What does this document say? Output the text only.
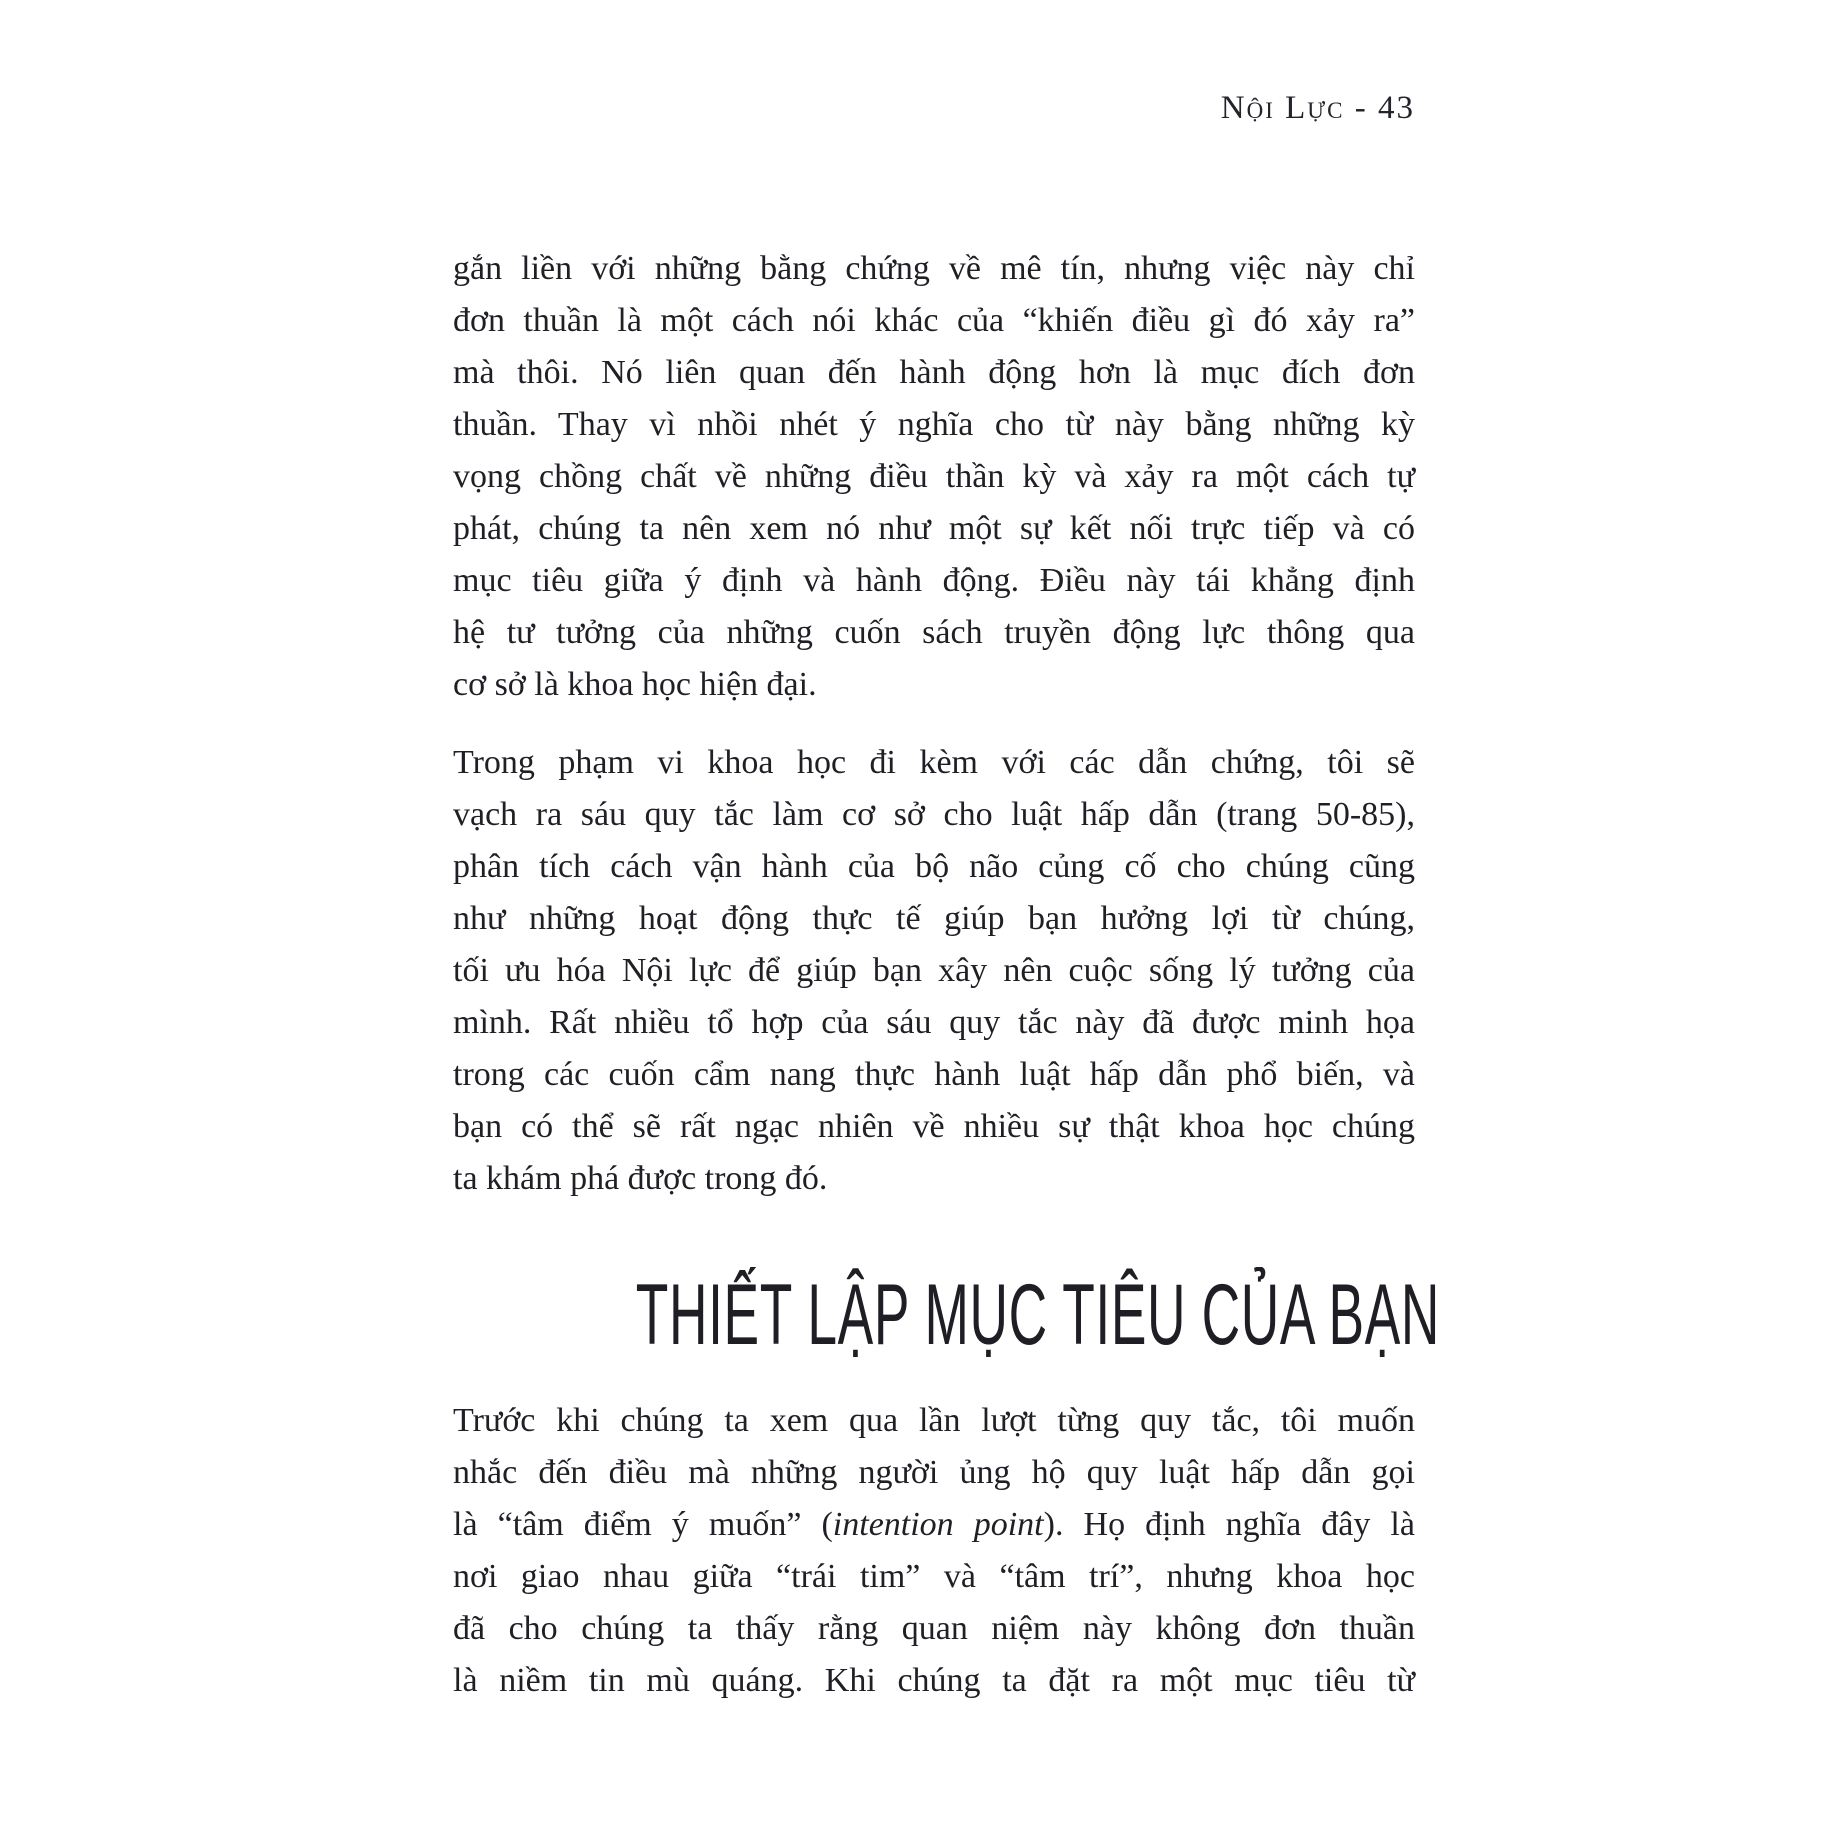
Nội Lực - 43
gắn liền với những bằng chứng về mê tín, nhưng việc này chỉ
đơn thuần là một cách nói khác của “khiến điều gì đó xảy ra”
mà thôi. Nó liên quan đến hành động hơn là mục đích đơn
thuần. Thay vì nhồi nhét ý nghĩa cho từ này bằng những kỳ
vọng chồng chất về những điều thần kỳ và xảy ra một cách tự
phát, chúng ta nên xem nó như một sự kết nối trực tiếp và có
mục tiêu giữa ý định và hành động. Điều này tái khẳng định
hệ tư tưởng của những cuốn sách truyền động lực thông qua
cơ sở là khoa học hiện đại.
Trong phạm vi khoa học đi kèm với các dẫn chứng, tôi sẽ
vạch ra sáu quy tắc làm cơ sở cho luật hấp dẫn (trang 50-85),
phân tích cách vận hành của bộ não củng cố cho chúng cũng
như những hoạt động thực tế giúp bạn hưởng lợi từ chúng,
tối ưu hóa Nội lực để giúp bạn xây nên cuộc sống lý tưởng của
mình. Rất nhiều tổ hợp của sáu quy tắc này đã được minh họa
trong các cuốn cẩm nang thực hành luật hấp dẫn phổ biến, và
bạn có thể sẽ rất ngạc nhiên về nhiều sự thật khoa học chúng
ta khám phá được trong đó.
THIẾT LẬP MỤC TIÊU CỦA BẠN
Trước khi chúng ta xem qua lần lượt từng quy tắc, tôi muốn
nhắc đến điều mà những người ủng hộ quy luật hấp dẫn gọi
là “tâm điểm ý muốn” (intention point). Họ định nghĩa đây là
nơi giao nhau giữa “trái tim” và “tâm trí”, nhưng khoa học
đã cho chúng ta thấy rằng quan niệm này không đơn thuần
là niềm tin mù quáng. Khi chúng ta đặt ra một mục tiêu từ
